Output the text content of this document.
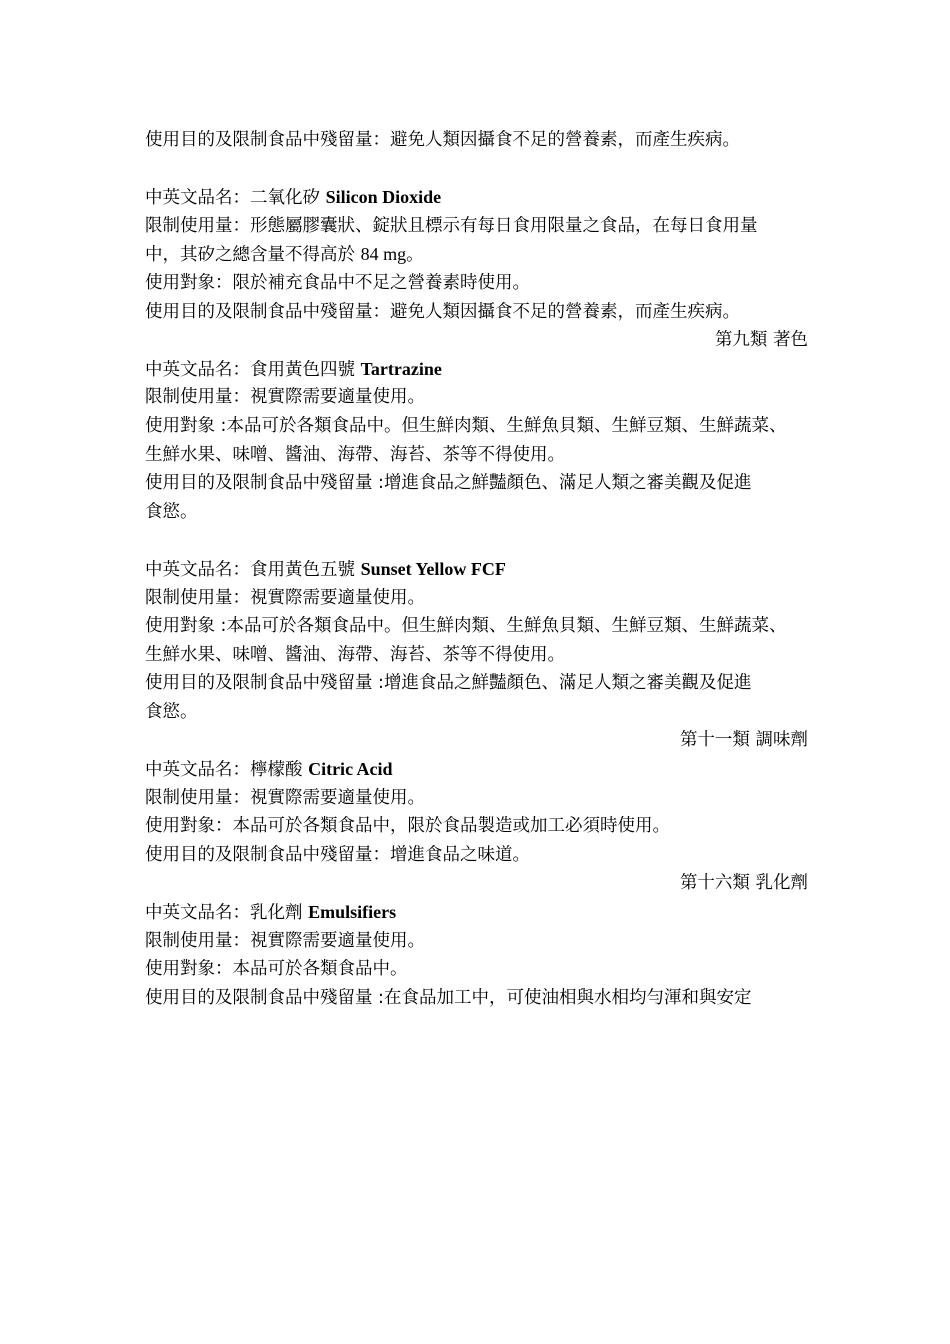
使用目的及限制食品中殘留量：避免人類因攝食不足的營養素，而產生疾病。
中英文品名：二氧化矽 Silicon Dioxide
限制使用量：形態屬膠囊狀、錠狀且標示有每日食用限量之食品，在每日食用量
中，其矽之總含量不得高於 84 mg。
使用對象：限於補充食品中不足之營養素時使用。
使用目的及限制食品中殘留量：避免人類因攝食不足的營養素，而產生疾病。
第九類 著色
中英文品名：食用黃色四號 Tartrazine
限制使用量：視實際需要適量使用。
使用對象 :本品可於各類食品中。但生鮮肉類、生鮮魚貝類、生鮮豆類、生鮮蔬菜、
生鮮水果、味噌、醬油、海帶、海苔、茶等不得使用。
使用目的及限制食品中殘留量 :增進食品之鮮豔顏色、滿足人類之審美觀及促進
食慾。
中英文品名：食用黃色五號 Sunset Yellow FCF
限制使用量：視實際需要適量使用。
使用對象 :本品可於各類食品中。但生鮮肉類、生鮮魚貝類、生鮮豆類、生鮮蔬菜、
生鮮水果、味噌、醬油、海帶、海苔、茶等不得使用。
使用目的及限制食品中殘留量 :增進食品之鮮豔顏色、滿足人類之審美觀及促進
食慾。
第十一類 調味劑
中英文品名：檸檬酸 Citric Acid
限制使用量：視實際需要適量使用。
使用對象：本品可於各類食品中，限於食品製造或加工必須時使用。
使用目的及限制食品中殘留量：增進食品之味道。
第十六類 乳化劑
中英文品名：乳化劑 Emulsifiers
限制使用量：視實際需要適量使用。
使用對象：本品可於各類食品中。
使用目的及限制食品中殘留量 :在食品加工中，可使油相與水相均勻渾和與安定
